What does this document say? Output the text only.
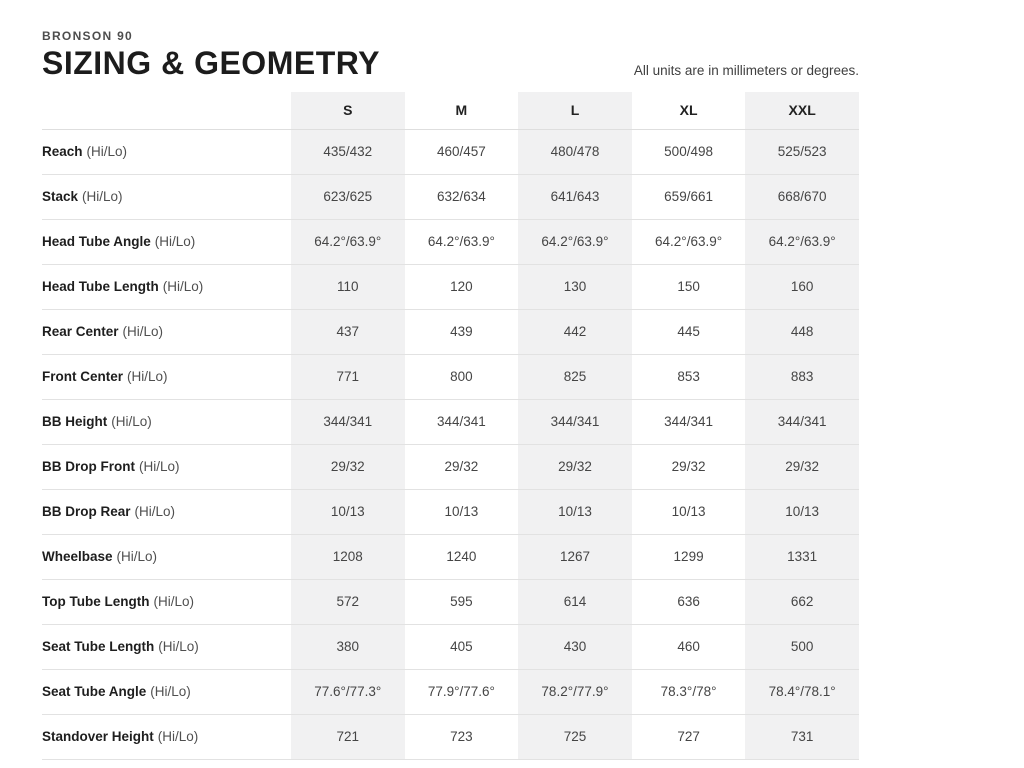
BRONSON 90
SIZING & GEOMETRY	All units are in millimeters or degrees.
S	M	L	XL	XXL
Reach (Hi/Lo)	435/432	460/457	480/478	500/498	525/523
Stack (Hi/Lo)	623/625	632/634	641/643	659/661	668/670
Head Tube Angle (Hi/Lo)	64.2°/63.9°	64.2°/63.9°	64.2°/63.9°	64.2°/63.9°	64.2°/63.9°
Head Tube Length (Hi/Lo)	110	120	130	150	160
Rear Center (Hi/Lo)	437	439	442	445	448
Front Center (Hi/Lo)	771	800	825	853	883
BB Height (Hi/Lo)	344/341	344/341	344/341	344/341	344/341
BB Drop Front (Hi/Lo)	29/32	29/32	29/32	29/32	29/32
BB Drop Rear (Hi/Lo)	10/13	10/13	10/13	10/13	10/13
Wheelbase (Hi/Lo)	1208	1240	1267	1299	1331
Top Tube Length (Hi/Lo)	572	595	614	636	662
Seat Tube Length (Hi/Lo)	380	405	430	460	500
Seat Tube Angle (Hi/Lo)	77.6°/77.3°	77.9°/77.6°	78.2°/77.9°	78.3°/78°	78.4°/78.1°
Standover Height (Hi/Lo)	721	723	725	727	731
